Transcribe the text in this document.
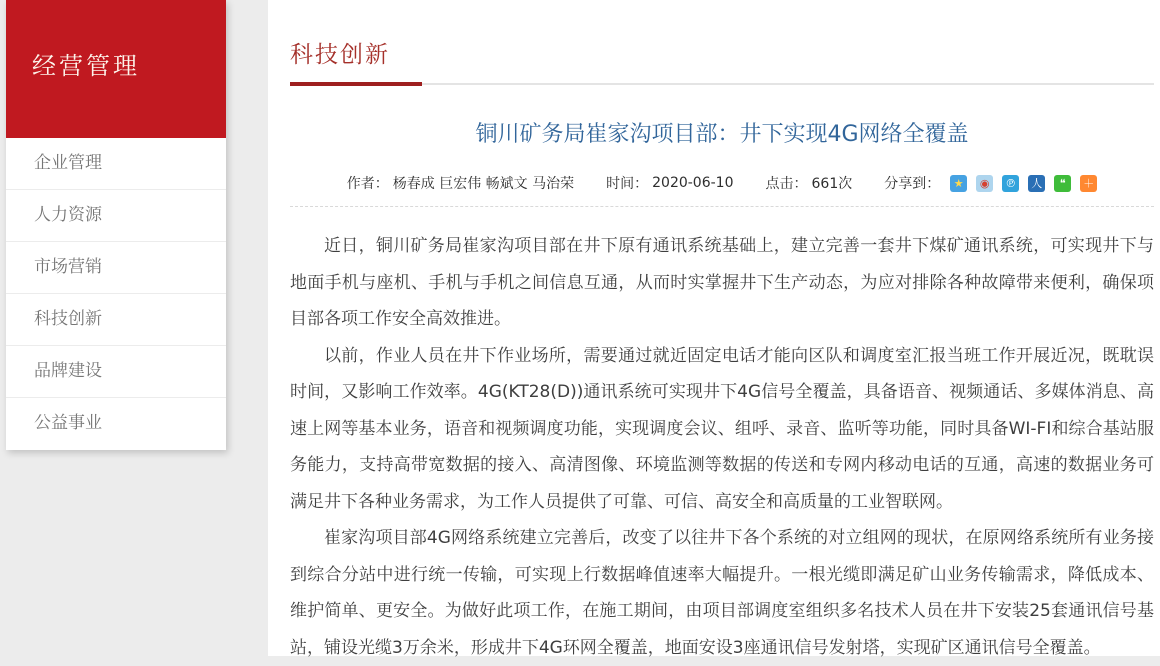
经营管理
企业管理
人力资源
市场营销
科技创新
品牌建设
公益事业
科技创新
铜川矿务局崔家沟项目部：井下实现4G网络全覆盖
作者： 杨春成 巨宏伟 畅斌文 马治荣 时间： 2020-06-10 点击： 661次 分享到：	★	◉	℗ 人	❝	＋

近日，铜川矿务局崔家沟项目部在井下原有通讯系统基础上，建立完善一套井下煤矿通讯系统，可实现井下与地面手机与座机、手机与手机之间信息互通，从而时实掌握井下生产动态，为应对排除各种故障带来便利，确保项目部各项工作安全高效推进。

以前，作业人员在井下作业场所，需要通过就近固定电话才能向区队和调度室汇报当班工作开展近况，既耽误时间，又影响工作效率。4G(KT28(D))通讯系统可实现井下4G信号全覆盖，具备语音、视频通话、多媒体消息、高速上网等基本业务，语音和视频调度功能，实现调度会议、组呼、录音、监听等功能，同时具备WI-FI和综合基站服务能力，支持高带宽数据的接入、高清图像、环境监测等数据的传送和专网内移动电话的互通，高速的数据业务可满足井下各种业务需求，为工作人员提供了可靠、可信、高安全和高质量的工业智联网。

崔家沟项目部4G网络系统建立完善后，改变了以往井下各个系统的对立组网的现状，在原网络系统所有业务接到综合分站中进行统一传输，可实现上行数据峰值速率大幅提升。一根光缆即满足矿山业务传输需求，降低成本、维护简单、更安全。为做好此项工作，在施工期间，由项目部调度室组织多名技术人员在井下安装25套通讯信号基站，铺设光缆3万余米，形成井下4G环网全覆盖，地面安设3座通讯信号发射塔，实现矿区通讯信号全覆盖。
